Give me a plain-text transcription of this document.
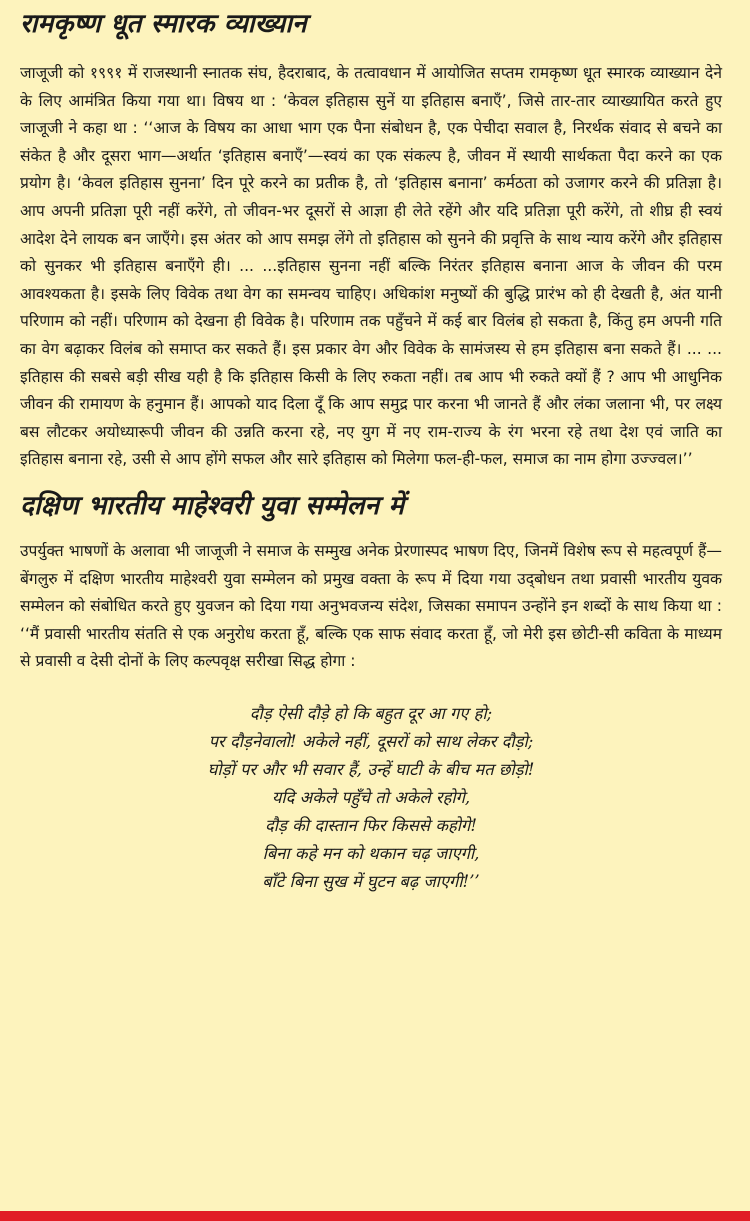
रामकृष्ण धूत स्मारक व्याख्यान

जाजूजी को १९९१ में राजस्थानी स्नातक संघ, हैदराबाद, के तत्वावधान में आयोजित सप्तम रामकृष्ण धूत स्मारक व्याख्यान देने के लिए आमंत्रित किया गया था। विषय था : ‘केवल इतिहास सुनें या इतिहास बनाएँ’, जिसे तार-तार व्याख्यायित करते हुए जाजूजी ने कहा था : ‘‘आज के विषय का आधा भाग एक पैना संबोधन है, एक पेचीदा सवाल है, निरर्थक संवाद से बचने का संकेत है और दूसरा भाग—अर्थात ‘इतिहास बनाएँ’—स्वयं का एक संकल्प है, जीवन में स्थायी सार्थकता पैदा करने का एक प्रयोग है। ‘केवल इतिहास सुनना’ दिन पूरे करने का प्रतीक है, तो ‘इतिहास बनाना’ कर्मठता को उजागर करने की प्रतिज्ञा है। आप अपनी प्रतिज्ञा पूरी नहीं करेंगे, तो जीवन-भर दूसरों से आज्ञा ही लेते रहेंगे और यदि प्रतिज्ञा पूरी करेंगे, तो शीघ्र ही स्वयं आदेश देने लायक बन जाएँगे। इस अंतर को आप समझ लेंगे तो इतिहास को सुनने की प्रवृत्ति के साथ न्याय करेंगे और इतिहास को सुनकर भी इतिहास बनाएँगे ही। ... ...इतिहास सुनना नहीं बल्कि निरंतर इतिहास बनाना आज के जीवन की परम आवश्यकता है। इसके लिए विवेक तथा वेग का समन्वय चाहिए। अधिकांश मनुष्यों की बुद्धि प्रारंभ को ही देखती है, अंत यानी परिणाम को नहीं। परिणाम को देखना ही विवेक है। परिणाम तक पहुँचने में कई बार विलंब हो सकता है, किंतु हम अपनी गति का वेग बढ़ाकर विलंब को समाप्त कर सकते हैं। इस प्रकार वेग और विवेक के सामंजस्य से हम इतिहास बना सकते हैं। ... ... इतिहास की सबसे बड़ी सीख यही है कि इतिहास किसी के लिए रुकता नहीं। तब आप भी रुकते क्यों हैं ? आप भी आधुनिक जीवन की रामायण के हनुमान हैं। आपको याद दिला दूँ कि आप समुद्र पार करना भी जानते हैं और लंका जलाना भी, पर लक्ष्य बस लौटकर अयोध्यारूपी जीवन की उन्नति करना रहे, नए युग में नए राम-राज्य के रंग भरना रहे तथा देश एवं जाति का इतिहास बनाना रहे, उसी से आप होंगे सफल और सारे इतिहास को मिलेगा फल-ही-फल, समाज का नाम होगा उज्ज्वल।’’

दक्षिण भारतीय माहेश्वरी युवा सम्मेलन में

उपर्युक्त भाषणों के अलावा भी जाजूजी ने समाज के सम्मुख अनेक प्रेरणास्पद भाषण दिए, जिनमें विशेष रूप से महत्वपूर्ण हैं—बेंगलुरु में दक्षिण भारतीय माहेश्वरी युवा सम्मेलन को प्रमुख वक्ता के रूप में दिया गया उद्‌बोधन तथा प्रवासी भारतीय युवक सम्मेलन को संबोधित करते हुए युवजन को दिया गया अनुभवजन्य संदेश, जिसका समापन उन्होंने इन शब्दों के साथ किया था : ‘‘मैं प्रवासी भारतीय संतति से एक अनुरोध करता हूँ, बल्कि एक साफ संवाद करता हूँ, जो मेरी इस छोटी-सी कविता के माध्यम से प्रवासी व देसी दोनों के लिए कल्पवृक्ष सरीखा सिद्ध होगा :

दौड़ ऐसी दौड़े हो कि बहुत दूर आ गए हो;
पर दौड़नेवालो! अकेले नहीं, दूसरों को साथ लेकर दौड़ो;
घोड़ों पर और भी सवार हैं, उन्हें घाटी के बीच मत छोड़ो!
यदि अकेले पहुँचे तो अकेले रहोगे,
दौड़ की दास्तान फिर किससे कहोगे!
बिना कहे मन को थकान चढ़ जाएगी,
बाँटे बिना सुख में घुटन बढ़ जाएगी!’’
